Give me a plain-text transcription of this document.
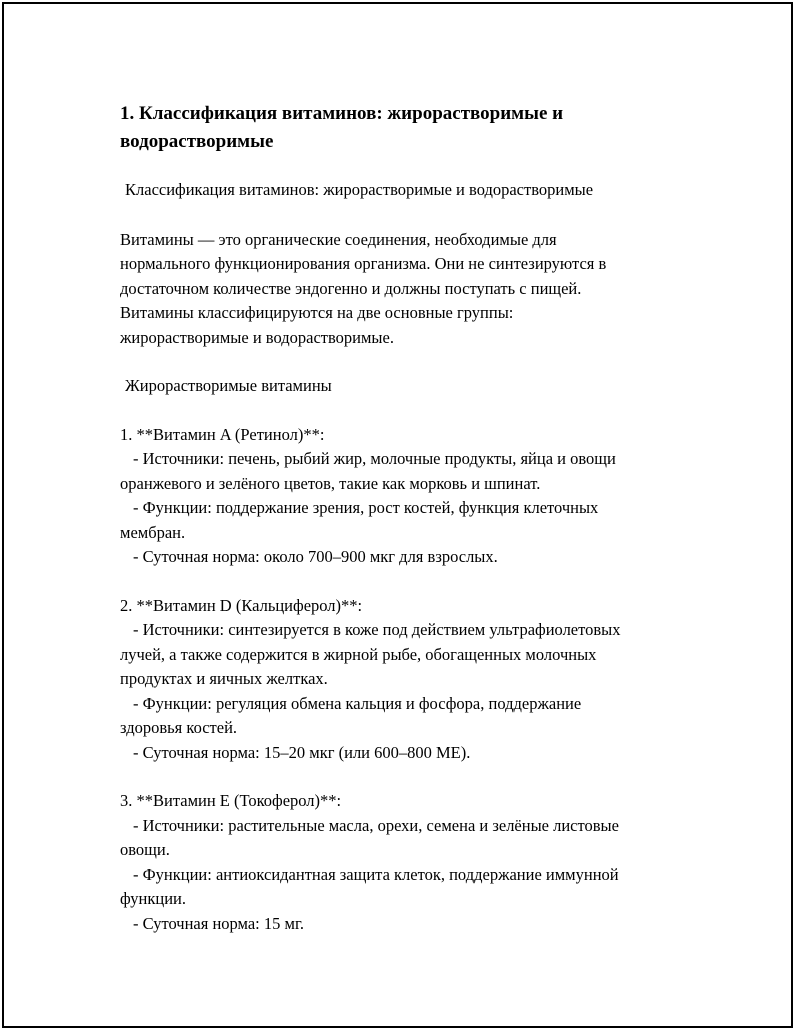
1. Классификация витаминов: жирорастворимые и
водорастворимые

Классификация витаминов: жирорастворимые и водорастворимые

Витамины — это органические соединения, необходимые для
нормального функционирования организма. Они не синтезируются в
достаточном количестве эндогенно и должны поступать с пищей.
Витамины классифицируются на две основные группы:
жирорастворимые и водорастворимые.

Жирорастворимые витамины

1. **Витамин A (Ретинол)**:
- Источники: печень, рыбий жир, молочные продукты, яйца и овощи
оранжевого и зелёного цветов, такие как морковь и шпинат.
- Функции: поддержание зрения, рост костей, функция клеточных
мембран.
- Суточная норма: около 700–900 мкг для взрослых.
2. **Витамин D (Кальциферол)**:
- Источники: синтезируется в коже под действием ультрафиолетовых
лучей, а также содержится в жирной рыбе, обогащенных молочных
продуктах и яичных желтках.
- Функции: регуляция обмена кальция и фосфора, поддержание
здоровья костей.
- Суточная норма: 15–20 мкг (или 600–800 МЕ).
3. **Витамин E (Токоферол)**:
- Источники: растительные масла, орехи, семена и зелёные листовые
овощи.
- Функции: антиоксидантная защита клеток, поддержание иммунной
функции.
- Суточная норма: 15 мг.
